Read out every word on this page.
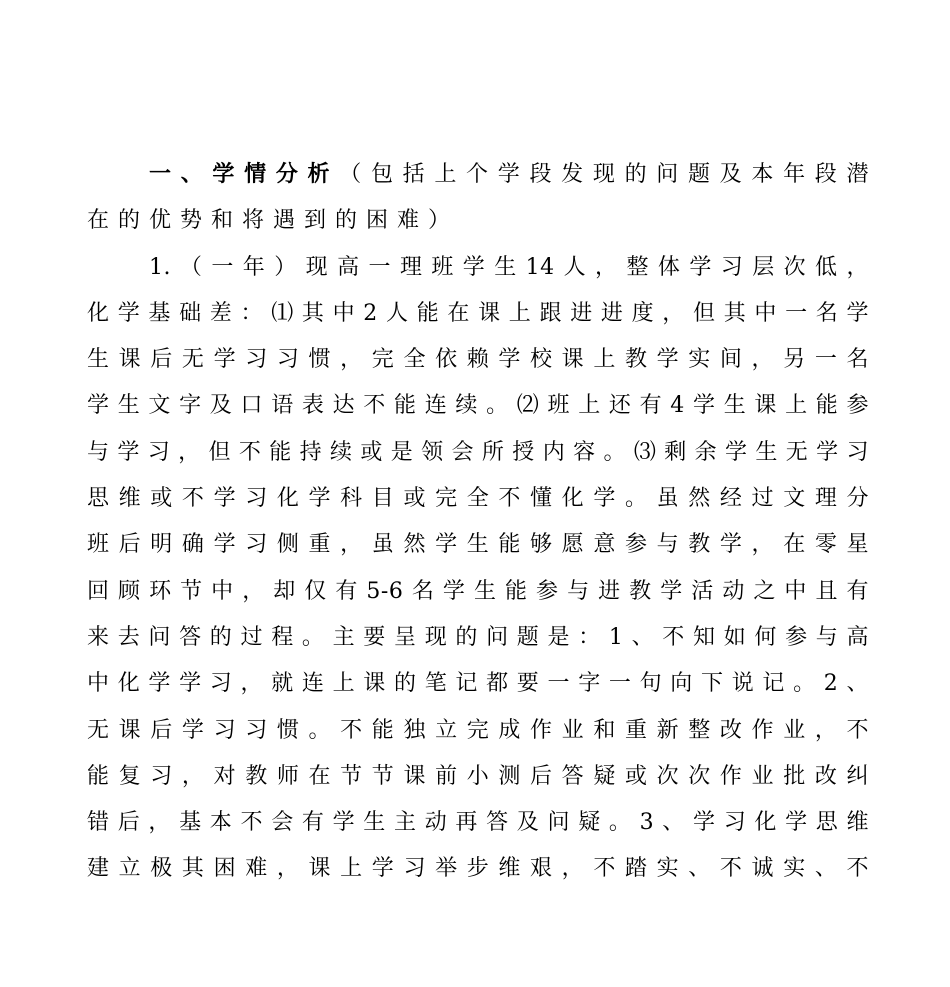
一、学情分析（包括上个学段发现的问题及本年段潜
在的优势和将遇到的困难）
1.（一年）现高一理班学生14人，整体学习层次低，
化学基础差：⑴其中2人能在课上跟进进度，但其中一名学
生课后无学习习惯，完全依赖学校课上教学实间，另一名
学生文字及口语表达不能连续。⑵班上还有4学生课上能参
与学习，但不能持续或是领会所授内容。⑶剩余学生无学习
思维或不学习化学科目或完全不懂化学。虽然经过文理分
班后明确学习侧重，虽然学生能够愿意参与教学，在零星
回顾环节中，却仅有5-6名学生能参与进教学活动之中且有
来去问答的过程。主要呈现的问题是：1、不知如何参与高
中化学学习，就连上课的笔记都要一字一句向下说记。2、
无课后学习习惯。不能独立完成作业和重新整改作业，不
能复习，对教师在节节课前小测后答疑或次次作业批改纠
错后，基本不会有学生主动再答及问疑。3、学习化学思维
建立极其困难，课上学习举步维艰，不踏实、不诚实、不
